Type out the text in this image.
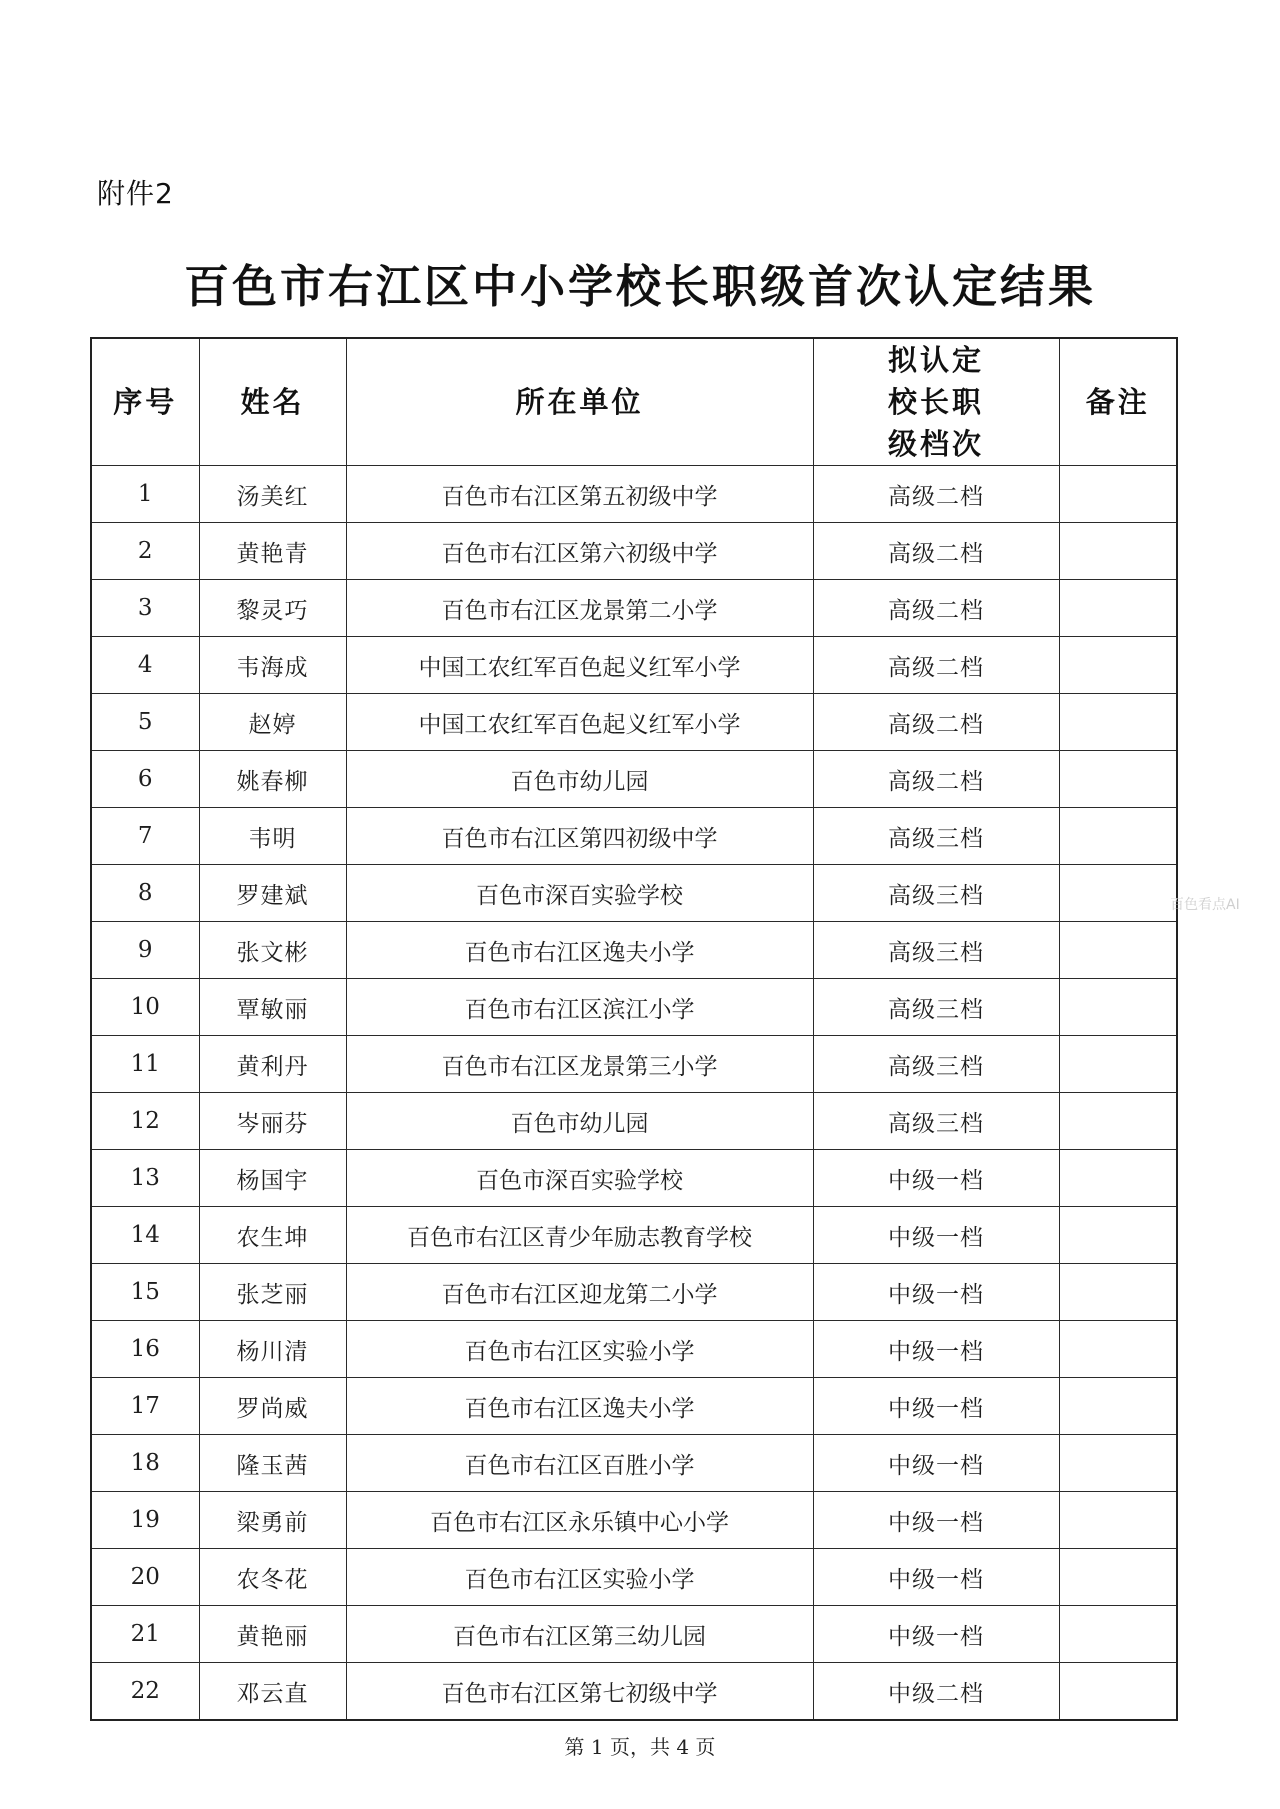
附件2
百色市右江区中小学校长职级首次认定结果
序号	姓名	所在单位	拟认定校长职级档次	备注
1	汤美红	百色市右江区第五初级中学	高级二档	
2	黄艳青	百色市右江区第六初级中学	高级二档	
3	黎灵巧	百色市右江区龙景第二小学	高级二档	
4	韦海成	中国工农红军百色起义红军小学	高级二档	
5	赵婷	中国工农红军百色起义红军小学	高级二档	
6	姚春柳	百色市幼儿园	高级二档	
7	韦明	百色市右江区第四初级中学	高级三档	
8	罗建斌	百色市深百实验学校	高级三档	
9	张文彬	百色市右江区逸夫小学	高级三档	
10	覃敏丽	百色市右江区滨江小学	高级三档	
11	黄利丹	百色市右江区龙景第三小学	高级三档	
12	岑丽芬	百色市幼儿园	高级三档	
13	杨国宇	百色市深百实验学校	中级一档	
14	农生坤	百色市右江区青少年励志教育学校	中级一档	
15	张芝丽	百色市右江区迎龙第二小学	中级一档	
16	杨川清	百色市右江区实验小学	中级一档	
17	罗尚威	百色市右江区逸夫小学	中级一档	
18	隆玉茜	百色市右江区百胜小学	中级一档	
19	梁勇前	百色市右江区永乐镇中心小学	中级一档	
20	农冬花	百色市右江区实验小学	中级一档	
21	黄艳丽	百色市右江区第三幼儿园	中级一档	
22	邓云直	百色市右江区第七初级中学	中级二档	
百色看点AI
第 1 页，共 4 页
